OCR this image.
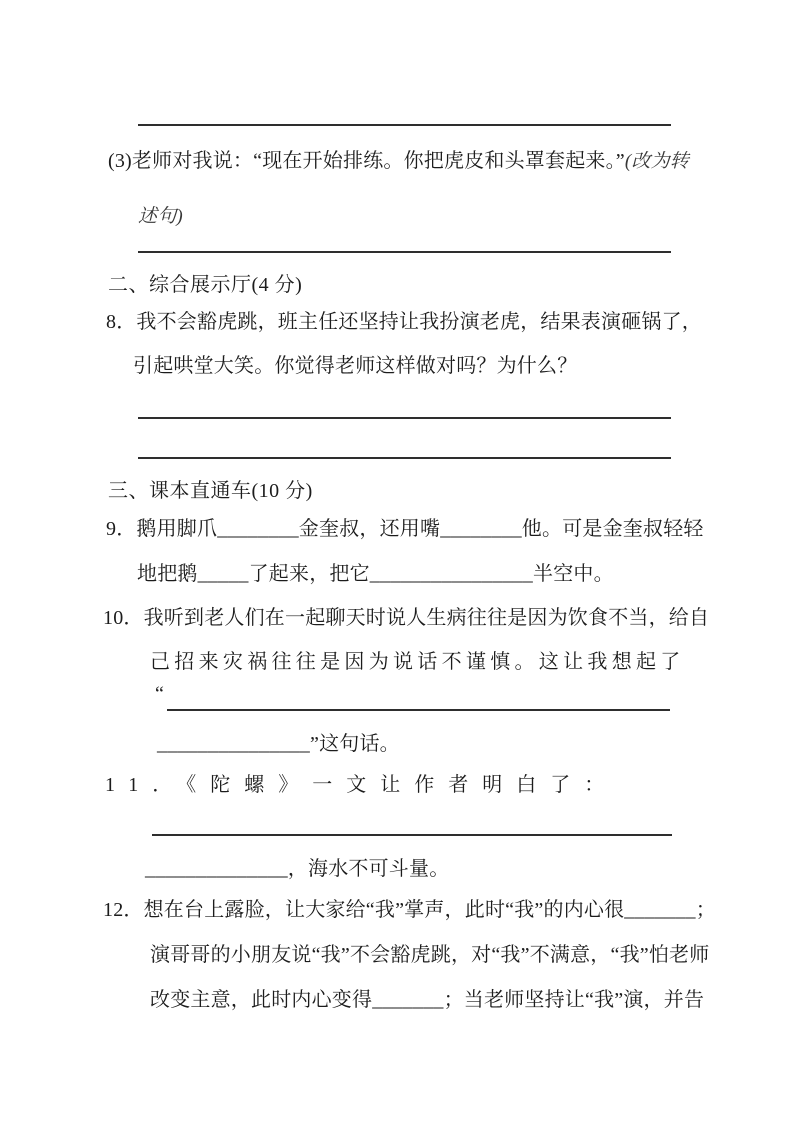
(3)老师对我说：“现在开始排练。你把虎皮和头罩套起来。”(改为转
述句)
二、综合展示厅(4 分)
8．我不会豁虎跳，班主任还坚持让我扮演老虎，结果表演砸锅了，
引起哄堂大笑。你觉得老师这样做对吗？为什么？
三、课本直通车(10 分)
9．鹅用脚爪________金奎叔，还用嘴________他。可是金奎叔轻轻
地把鹅_____了起来，把它________________半空中。
10．我听到老人们在一起聊天时说人生病往往是因为饮食不当，给自
己招来灾祸往往是因为说话不谨慎。这让我想起了
“
_______________”这句话。
11．《陀螺》一文让作者明白了：
______________，海水不可斗量。
12．想在台上露脸，让大家给“我”掌声，此时“我”的内心很_______；
演哥哥的小朋友说“我”不会豁虎跳，对“我”不满意，“我”怕老师
改变主意，此时内心变得_______；当老师坚持让“我”演，并告
